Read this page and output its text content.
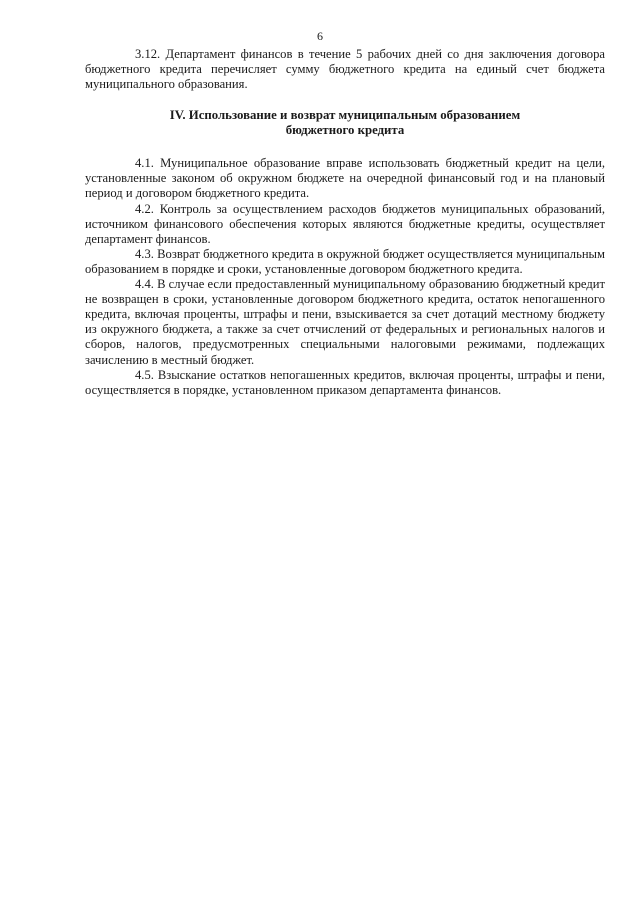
6

3.12. Департамент финансов в течение 5 рабочих дней со дня заключения договора бюджетного кредита перечисляет сумму бюджетного кредита на единый счет бюджета муниципального образования.

IV. Использование и возврат муниципальным образованием
бюджетного кредита

4.1. Муниципальное образование вправе использовать бюджетный кредит на цели, установленные законом об окружном бюджете на очередной финансовый год и на плановый период и договором бюджетного кредита.

4.2. Контроль за осуществлением расходов бюджетов муниципальных образований, источником финансового обеспечения которых являются бюджетные кредиты, осуществляет департамент финансов.

4.3. Возврат бюджетного кредита в окружной бюджет осуществляется муниципальным образованием в порядке и сроки, установленные договором бюджетного кредита.

4.4. В случае если предоставленный муниципальному образованию бюджетный кредит не возвращен в сроки, установленные договором бюджетного кредита, остаток непогашенного кредита, включая проценты, штрафы и пени, взыскивается за счет дотаций местному бюджету из окружного бюджета, а также за счет отчислений от федеральных и региональных налогов и сборов, налогов, предусмотренных специальными налоговыми режимами, подлежащих зачислению в местный бюджет.

4.5. Взыскание остатков непогашенных кредитов, включая проценты, штрафы и пени, осуществляется в порядке, установленном приказом департамента финансов.
